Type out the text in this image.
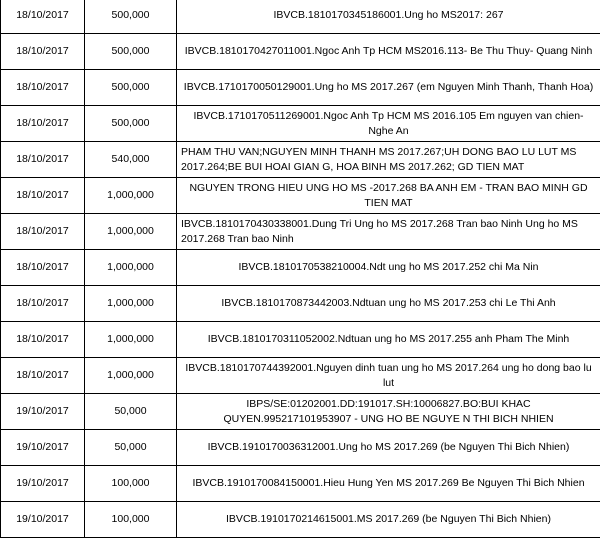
18/10/2017	500,000	IBVCB.1810170345186001.Ung ho MS2017: 267
18/10/2017	500,000	IBVCB.1810170427011001.Ngoc Anh Tp HCM MS2016.113- Be Thu Thuy- Quang Ninh
18/10/2017	500,000	IBVCB.1710170050129001.Ung ho MS 2017.267 (em Nguyen Minh Thanh, Thanh Hoa)
18/10/2017	500,000	IBVCB.1710170511269001.Ngoc Anh Tp HCM MS 2016.105 Em nguyen van chien- Nghe An
18/10/2017	540,000	PHAM THU VAN;NGUYEN MINH THANH MS 2017.267;UH DONG BAO LU LUT MS 2017.264;BE BUI HOAI GIAN G, HOA BINH MS 2017.262; GD TIEN MAT
18/10/2017	1,000,000	NGUYEN TRONG HIEU UNG HO MS -2017.268 BA ANH EM - TRAN BAO MINH GD TIEN MAT
18/10/2017	1,000,000	IBVCB.1810170430338001.Dung Tri Ung ho MS 2017.268 Tran bao Ninh Ung ho MS 2017.268 Tran bao Ninh
18/10/2017	1,000,000	IBVCB.1810170538210004.Ndt ung ho MS 2017.252 chi Ma Nin
18/10/2017	1,000,000	IBVCB.1810170873442003.Ndtuan ung ho MS 2017.253 chi Le Thi Anh
18/10/2017	1,000,000	IBVCB.1810170311052002.Ndtuan ung ho MS 2017.255 anh Pham The Minh
18/10/2017	1,000,000	IBVCB.1810170744392001.Nguyen dinh tuan ung ho MS 2017.264 ung ho dong bao lu lut
19/10/2017	50,000	IBPS/SE:01202001.DD:191017.SH:10006827.BO:BUI KHAC QUYEN.995217101953907 - UNG HO BE NGUYE N THI BICH NHIEN
19/10/2017	50,000	IBVCB.1910170036312001.Ung ho MS 2017.269 (be Nguyen Thi Bich Nhien)
19/10/2017	100,000	IBVCB.1910170084150001.Hieu Hung Yen MS 2017.269 Be Nguyen Thi Bich Nhien
19/10/2017	100,000	IBVCB.1910170214615001.MS 2017.269 (be Nguyen Thi Bich Nhien)
